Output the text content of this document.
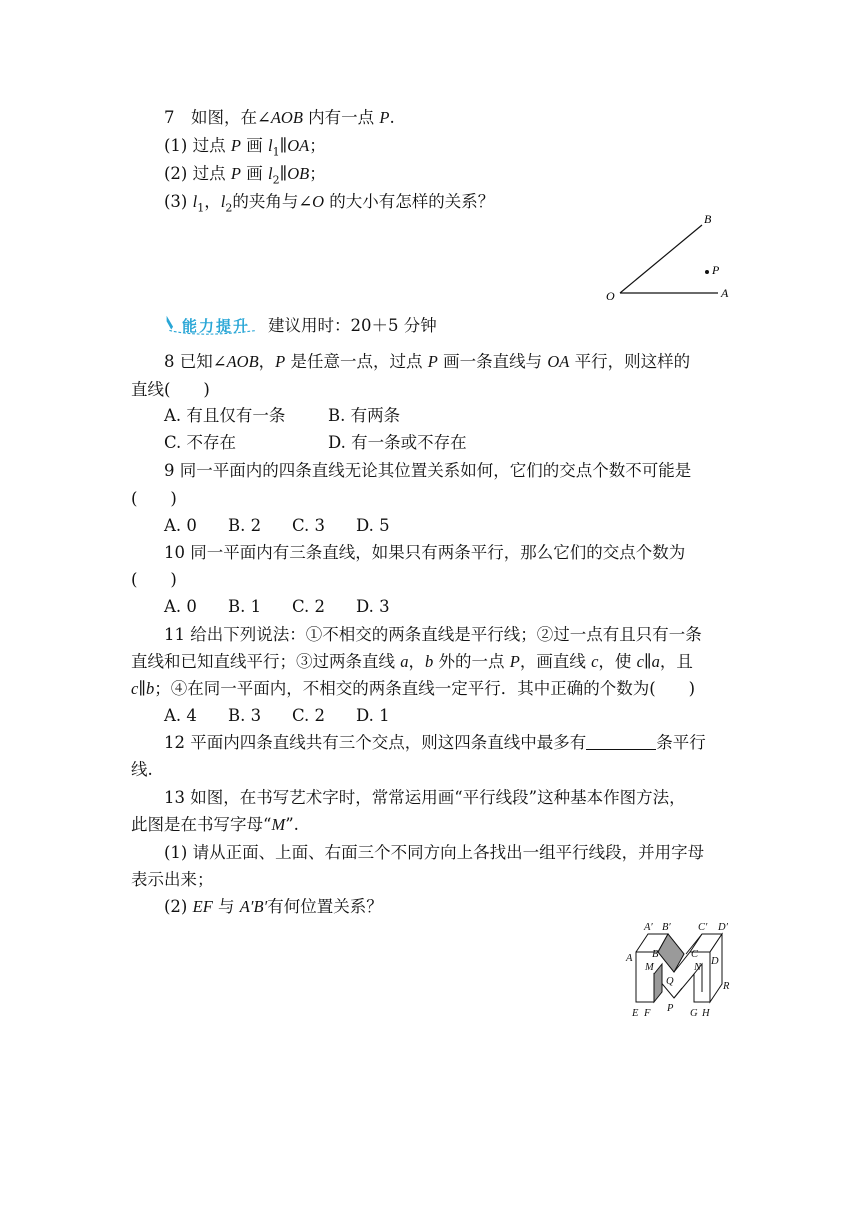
7  如图，在∠AOB 内有一点 P.
(1) 过点 P 画 $l_1\parallel OA$；
(2) 过点 P 画 $l_2\parallel OB$；
(3) $l_1$，$l_2$的夹角与∠O 的大小有怎样的关系？
B
P
O	A
能力提升 建议用时：20＋5 分钟
8 已知∠AOB，P 是任意一点，过点 P 画一条直线与 OA 平行，则这样的
直线(　　)
A. 有且仅有一条	B. 有两条
C. 不存在	D. 有一条或不存在
9 同一平面内的四条直线无论其位置关系如何，它们的交点个数不可能是
(　　)
A. 0 B. 2 C. 3 D. 5
10 同一平面内有三条直线，如果只有两条平行，那么它们的交点个数为
(　　)
A. 0 B. 1 C. 2 D. 3
11 给出下列说法：①不相交的两条直线是平行线；②过一点有且只有一条
直线和已知直线平行；③过两条直线 a，b 外的一点 P，画直线 c，使 c∥a，且
c∥b；④在同一平面内，不相交的两条直线一定平行．其中正确的个数为(　　)
A. 4 B. 3 C. 2 D. 1
12 平面内四条直线共有三个交点，则这四条直线中最多有	条平行
线.
13 如图，在书写艺术字时，常常运用画“平行线段”这种基本作图方法，
此图是在书写字母“M”.
(1) 请从正面、上面、右面三个不同方向上各找出一组平行线段，并用字母
表示出来；
(2) EF 与 A′B′有何位置关系？
A′ B′	C′ D′
A B	C
D
M	N
Q	R
E F P G H
